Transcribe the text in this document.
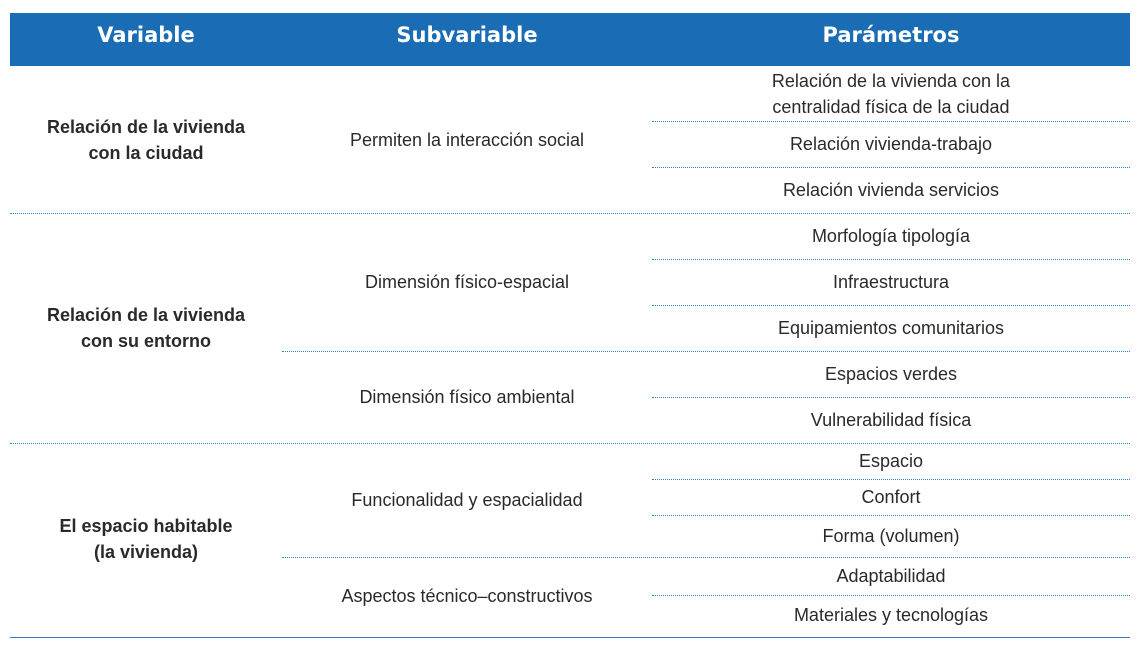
Variable	Subvariable	Parámetros
Relación de la vivienda con la
centralidad física de la ciudad
Relación vivienda-trabajo
Relación vivienda servicios
Permiten la interacción social
Relación de la vivienda
con la ciudad
Morfología tipología
Infraestructura
Equipamientos comunitarios
Dimensión físico-espacial
Espacios verdes
Vulnerabilidad física
Dimensión físico ambiental
Relación de la vivienda
con su entorno
Espacio
Confort
Forma (volumen)
Funcionalidad y espacialidad
Adaptabilidad
Materiales y tecnologías
Aspectos técnico–constructivos
El espacio habitable
(la vivienda)
